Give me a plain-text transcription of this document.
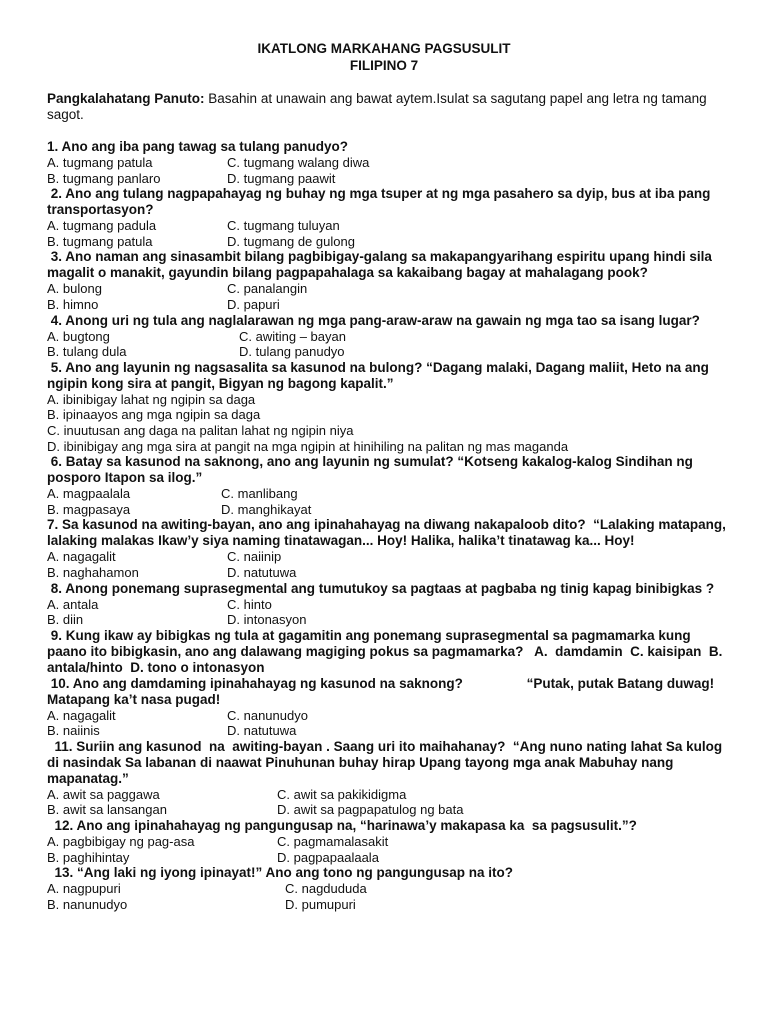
IKATLONG MARKAHANG PAGSUSULIT
FILIPINO 7
Pangkalahatang Panuto: Basahin at unawain ang bawat aytem.Isulat sa sagutang papel ang letra ng tamang sagot.

1. Ano ang iba pang tawag sa tulang panudyo?

A. tugmang patula	C. tugmang walang diwa
B. tugmang panlaro	D. tugmang paawit

2. Ano ang tulang nagpapahayag ng buhay ng mga tsuper at ng mga pasahero sa dyip, bus at iba pang transportasyon?

A. tugmang padula	C. tugmang tuluyan
B. tugmang patula	D. tugmang de gulong

3. Ano naman ang sinasambit bilang pagbibigay-galang sa makapangyarihang espiritu upang hindi sila magalit o manakit, gayundin bilang pagpapahalaga sa kakaibang bagay at mahalagang pook?

A. bulong	C. panalangin
B. himno	D. papuri

4. Anong uri ng tula ang naglalarawan ng mga pang-araw-araw na gawain ng mga tao sa isang lugar?

A. bugtong	C. awiting – bayan
B. tulang dula	D. tulang panudyo

5. Ano ang layunin ng nagsasalita sa kasunod na bulong? “Dagang malaki, Dagang maliit, Heto na ang ngipin kong sira at pangit, Bigyan ng bagong kapalit.”

A. ibinibigay lahat ng ngipin sa daga
B. ipinaayos ang mga ngipin sa daga
C. inuutusan ang daga na palitan lahat ng ngipin niya
D. ibinibigay ang mga sira at pangit na mga ngipin at hinihiling na palitan ng mas maganda

6. Batay sa kasunod na saknong, ano ang layunin ng sumulat? “Kotseng kakalog-kalog Sindihan ng posporo Itapon sa ilog.”

A. magpaalala	C. manlibang
B. magpasaya	D. manghikayat

7. Sa kasunod na awiting-bayan, ano ang ipinahahayag na diwang nakapaloob dito?  “Lalaking matapang, lalaking malakas Ikaw’y siya naming tinatawagan... Hoy! Halika, halika’t tinatawag ka... Hoy!

A. nagagalit	C. naiinip
B. naghahamon	D. natutuwa

8. Anong ponemang suprasegmental ang tumutukoy sa pagtaas at pagbaba ng tinig kapag binibigkas ?

A. antala	C. hinto
B. diin	D. intonasyon

9. Kung ikaw ay bibigkas ng tula at gagamitin ang ponemang suprasegmental sa pagmamarka kung paano ito bibigkasin, ano ang dalawang magiging pokus sa pagmamarka?   A.  damdamin  C. kaisipan  B. antala/hinto  D. tono o intonasyon

10. Ano ang damdaming ipinahahayag ng kasunod na saknong?                 “Putak, putak Batang duwag! Matapang ka’t nasa pugad!

A. nagagalit	C. nanunudyo
B. naiinis	D. natutuwa

11. Suriin ang kasunod  na  awiting-bayan . Saang uri ito maihahanay?  “Ang nuno nating lahat Sa kulog di nasindak Sa labanan di naawat Pinuhunan buhay hirap Upang tayong mga anak Mabuhay nang mapanatag.”

A. awit sa paggawa	C. awit sa pakikidigma
B. awit sa lansangan	D. awit sa pagpapatulog ng bata

12. Ano ang ipinahahayag ng pangungusap na, “harinawa’y makapasa ka  sa pagsusulit.”?

A. pagbibigay ng pag-asa	C. pagmamalasakit
B. paghihintay	D. pagpapaalaala

13. “Ang laki ng iyong ipinayat!” Ano ang tono ng pangungusap na ito?

A. nagpupuri	C. nagdududa
B. nanunudyo	D. pumupuri
